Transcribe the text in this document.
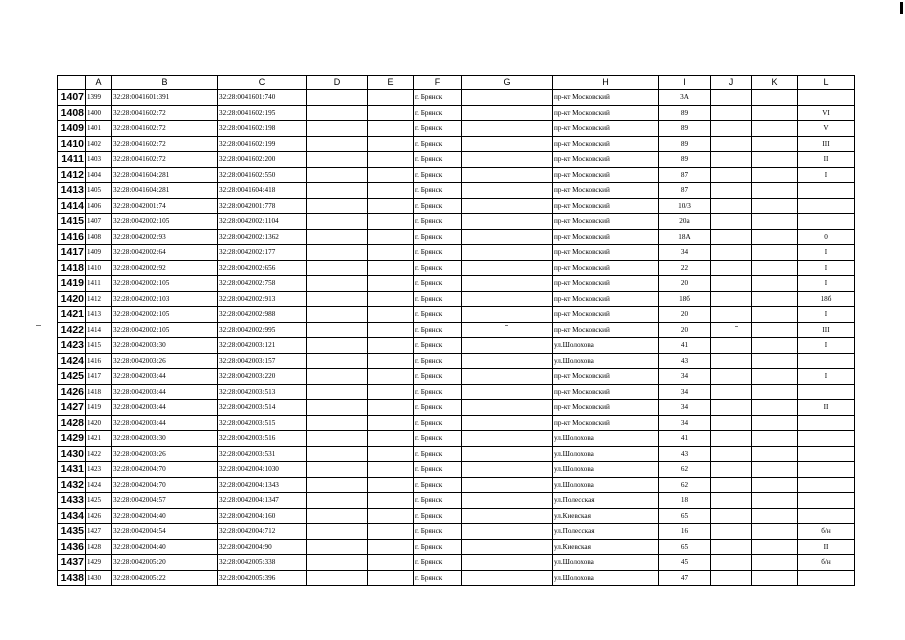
	A	B	C	D	E	F	G	H	I	J	K	L
1407	1399	32:28:0041601:391	32:28:0041601:740			г. Брянск		пр-кт Московский	3А			
1408	1400	32:28:0041602:72	32:28:0041602:195			г. Брянск		пр-кт Московский	89			VI
1409	1401	32:28:0041602:72	32:28:0041602:198			г. Брянск		пр-кт Московский	89			V
1410	1402	32:28:0041602:72	32:28:0041602:199			г. Брянск		пр-кт Московский	89			III
1411	1403	32:28:0041602:72	32:28:0041602:200			г. Брянск		пр-кт Московский	89			II
1412	1404	32:28:0041604:281	32:28:0041602:550			г. Брянск		пр-кт Московский	87			I
1413	1405	32:28:0041604:281	32:28:0041604:418			г. Брянск		пр-кт Московский	87			
1414	1406	32:28:0042001:74	32:28:0042001:778			г. Брянск		пр-кт Московский	10/3			
1415	1407	32:28:0042002:105	32:28:0042002:1104			г. Брянск		пр-кт Московский	20а			
1416	1408	32:28:0042002:93	32:28:0042002:1362			г. Брянск		пр-кт Московский	18А			0
1417	1409	32:28:0042002:64	32:28:0042002:177			г. Брянск		пр-кт Московский	34			I
1418	1410	32:28:0042002:92	32:28:0042002:656			г. Брянск		пр-кт Московский	22			I
1419	1411	32:28:0042002:105	32:28:0042002:758			г. Брянск		пр-кт Московский	20			I
1420	1412	32:28:0042002:103	32:28:0042002:913			г. Брянск		пр-кт Московский	18б			18б
1421	1413	32:28:0042002:105	32:28:0042002:988			г. Брянск		пр-кт Московский	20			I
1422	1414	32:28:0042002:105	32:28:0042002:995			г. Брянск		пр-кт Московский	20			III
1423	1415	32:28:0042003:30	32:28:0042003:121			г. Брянск		ул.Шолохова	41			I
1424	1416	32:28:0042003:26	32:28:0042003:157			г. Брянск		ул.Шолохова	43			
1425	1417	32:28:0042003:44	32:28:0042003:220			г. Брянск		пр-кт Московский	34			I
1426	1418	32:28:0042003:44	32:28:0042003:513			г. Брянск		пр-кт Московский	34			
1427	1419	32:28:0042003:44	32:28:0042003:514			г. Брянск		пр-кт Московский	34			II
1428	1420	32:28:0042003:44	32:28:0042003:515			г. Брянск		пр-кт Московский	34			
1429	1421	32:28:0042003:30	32:28:0042003:516			г. Брянск		ул.Шолохова	41			
1430	1422	32:28:0042003:26	32:28:0042003:531			г. Брянск		ул.Шолохова	43			
1431	1423	32:28:0042004:70	32:28:0042004:1030			г. Брянск		ул.Шолохова	62			
1432	1424	32:28:0042004:70	32:28:0042004:1343			г. Брянск		ул.Шолохова	62			
1433	1425	32:28:0042004:57	32:28:0042004:1347			г. Брянск		ул.Полесская	18			
1434	1426	32:28:0042004:40	32:28:0042004:160			г. Брянск		ул.Киевская	65			
1435	1427	32:28:0042004:54	32:28:0042004:712			г. Брянск		ул.Полесская	16			б/н
1436	1428	32:28:0042004:40	32:28:0042004:90			г. Брянск		ул.Киевская	65			II
1437	1429	32:28:0042005:20	32:28:0042005:338			г. Брянск		ул.Шолохова	45			б/н
1438	1430	32:28:0042005:22	32:28:0042005:396			г. Брянск		ул.Шолохова	47			
